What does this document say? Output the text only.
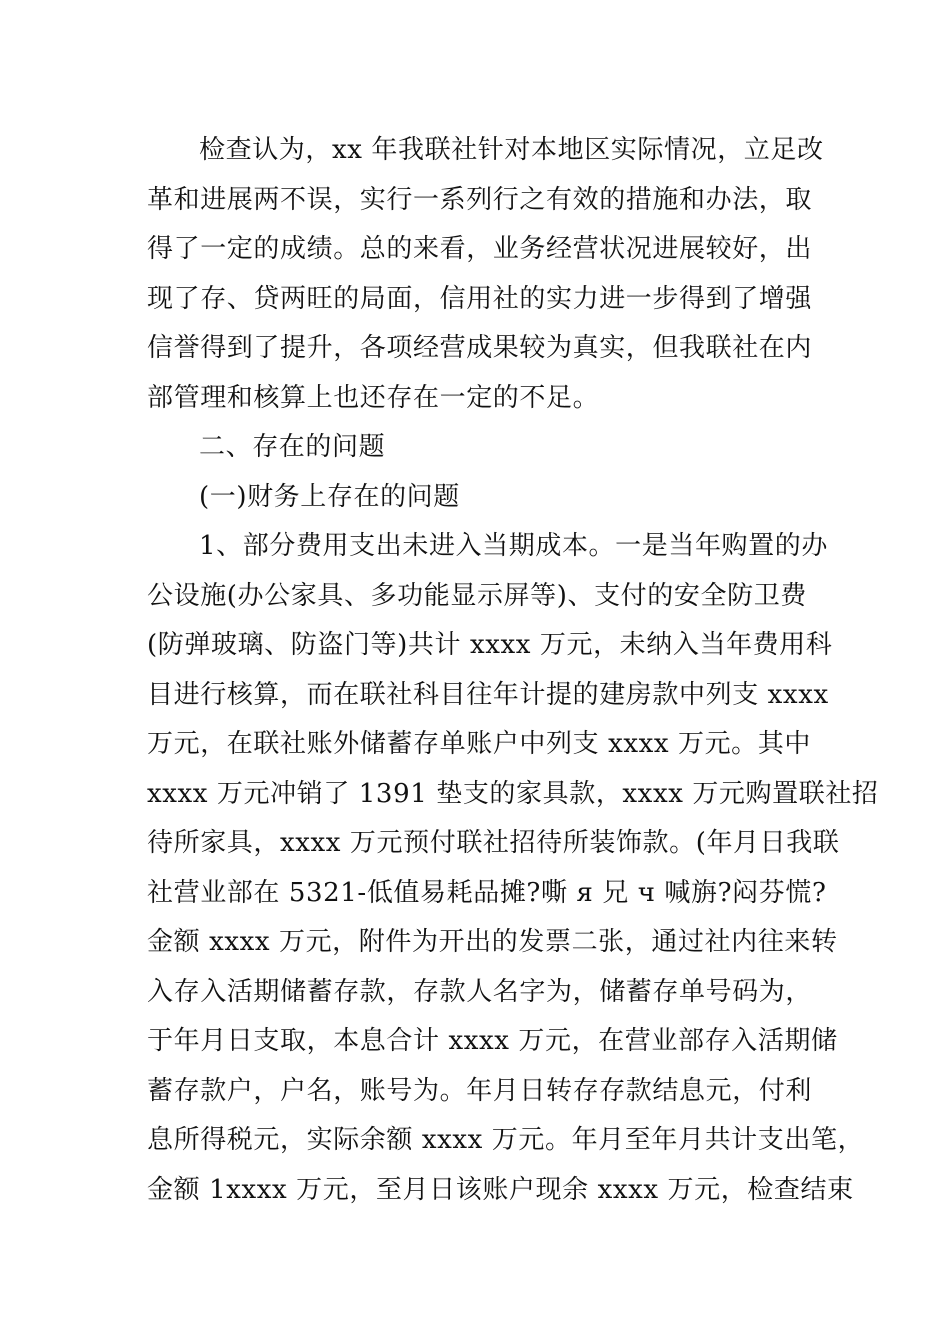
检查认为，xx 年我联社针对本地区实际情况，立足改
革和进展两不误，实行一系列行之有效的措施和办法，取
得了一定的成绩。总的来看，业务经营状况进展较好，出
现了存、贷两旺的局面，信用社的实力进一步得到了增强
信誉得到了提升，各项经营成果较为真实，但我联社在内
部管理和核算上也还存在一定的不足。
二、存在的问题
(一)财务上存在的问题
1、部分费用支出未进入当期成本。一是当年购置的办
公设施(办公家具、多功能显示屏等)、支付的安全防卫费
(防弹玻璃、防盗门等)共计 xxxx 万元，未纳入当年费用科
目进行核算，而在联社科目往年计提的建房款中列支 xxxx
万元，在联社账外储蓄存单账户中列支 xxxx 万元。其中
xxxx 万元冲销了 1391 垫支的家具款，xxxx 万元购置联社招
待所家具，xxxx 万元预付联社招待所装饰款。(年月日我联
社营业部在 5321-低值易耗品摊?嘶 я 兄 ч 喊旃?闷芬慌?
金额 xxxx 万元，附件为开出的发票二张，通过社内往来转
入存入活期储蓄存款，存款人名字为，储蓄存单号码为，
于年月日支取，本息合计 xxxx 万元，在营业部存入活期储
蓄存款户，户名，账号为。年月日转存存款结息元，付利
息所得税元，实际余额 xxxx 万元。年月至年月共计支出笔，
金额 1xxxx 万元，至月日该账户现余 xxxx 万元，检查结束
